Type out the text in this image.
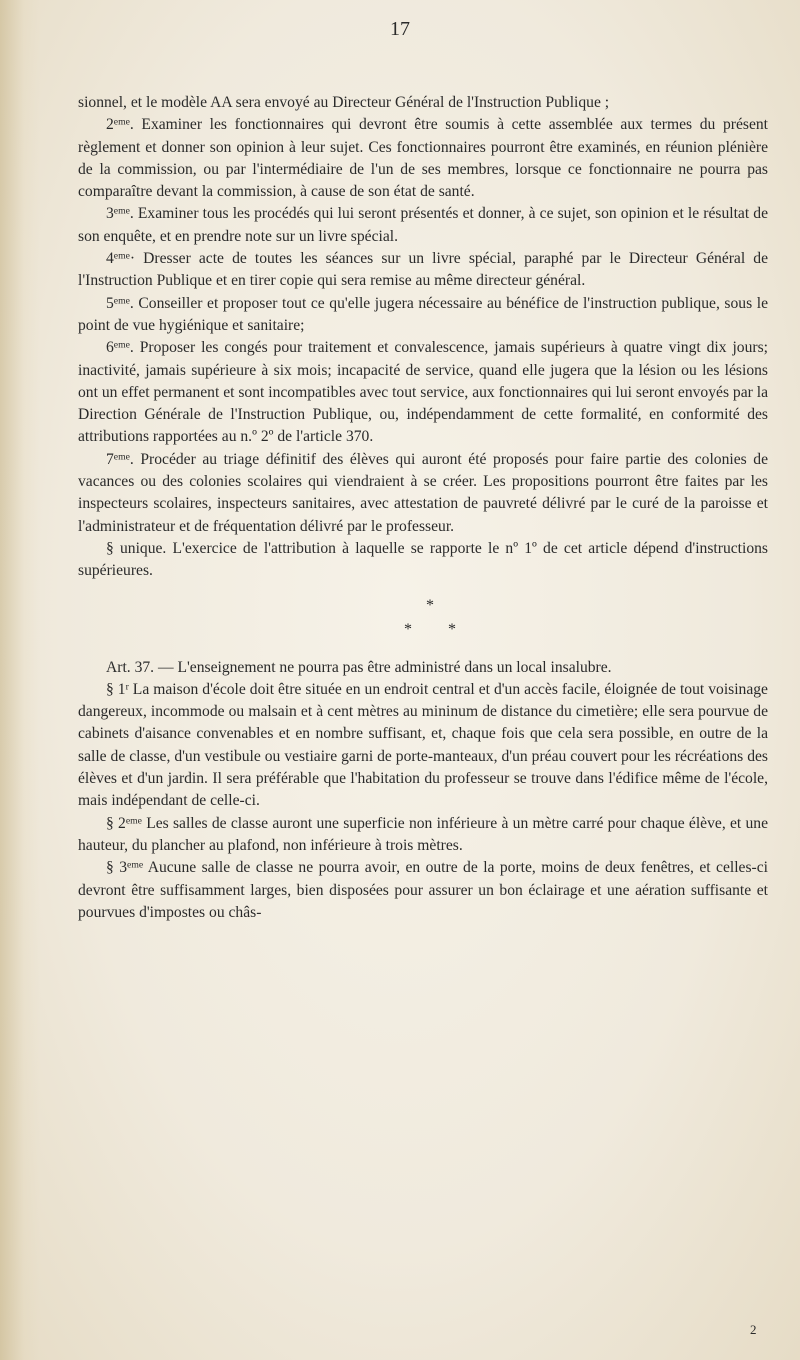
17

sionnel, et le modèle AA sera envoyé au Directeur Général de l'Instruction Publique ;

2eme. Examiner les fonctionnaires qui devront être soumis à cette assemblée aux termes du présent règlement et donner son opinion à leur sujet. Ces fonctionnaires pourront être examinés, en réunion plénière de la commission, ou par l'intermédiaire de l'un de ses membres, lorsque ce fonctionnaire ne pourra pas comparaître devant la commission, à cause de son état de santé.

3eme. Examiner tous les procédés qui lui seront présentés et donner, à ce sujet, son opinion et le résultat de son enquête, et en prendre note sur un livre spécial.

4eme· Dresser acte de toutes les séances sur un livre spécial, paraphé par le Directeur Général de l'Instruction Publique et en tirer copie qui sera remise au même directeur général.

5eme. Conseiller et proposer tout ce qu'elle jugera nécessaire au bénéfice de l'instruction publique, sous le point de vue hygiénique et sanitaire;

6eme. Proposer les congés pour traitement et convalescence, jamais supérieurs à quatre vingt dix jours; inactivité, jamais supérieure à six mois; incapacité de service, quand elle jugera que la lésion ou les lésions ont un effet permanent et sont incompatibles avec tout service, aux fonctionnaires qui lui seront envoyés par la Direction Générale de l'Instruction Publique, ou, indépendamment de cette formalité, en conformité des attributions rapportées au n.º 2º de l'article 370.

7eme. Procéder au triage définitif des élèves qui auront été proposés pour faire partie des colonies de vacances ou des colonies scolaires qui viendraient à se créer. Les propositions pourront être faites par les inspecteurs scolaires, inspecteurs sanitaires, avec attestation de pauvreté délivré par le curé de la paroisse et l'administrateur et de fréquentation délivré par le professeur.

§ unique. L'exercice de l'attribution à laquelle se rapporte le nº 1º de cet article dépend d'instructions supérieures.

*
* *

Art. 37. — L'enseignement ne pourra pas être administré dans un local insalubre.

§ 1$^r$ La maison d'école doit être située en un endroit central et d'un accès facile, éloignée de tout voisinage dangereux, incommode ou malsain et à cent mètres au mininum de distance du cimetière; elle sera pourvue de cabinets d'aisance convenables et en nombre suffisant, et, chaque fois que cela sera possible, en outre de la salle de classe, d'un vestibule ou vestiaire garni de porte-manteaux, d'un préau couvert pour les récréations des élèves et d'un jardin. Il sera préférable que l'habitation du professeur se trouve dans l'édifice même de l'école, mais indépendant de celle-ci.

§ 2eme Les salles de classe auront une superficie non inférieure à un mètre carré pour chaque élève, et une hauteur, du plancher au plafond, non inférieure à trois mètres.

§ 3eme Aucune salle de classe ne pourra avoir, en outre de la porte, moins de deux fenêtres, et celles-ci devront être suffisamment larges, bien disposées pour assurer un bon éclairage et une aération suffisante et pourvues d'impostes ou châs-

2
